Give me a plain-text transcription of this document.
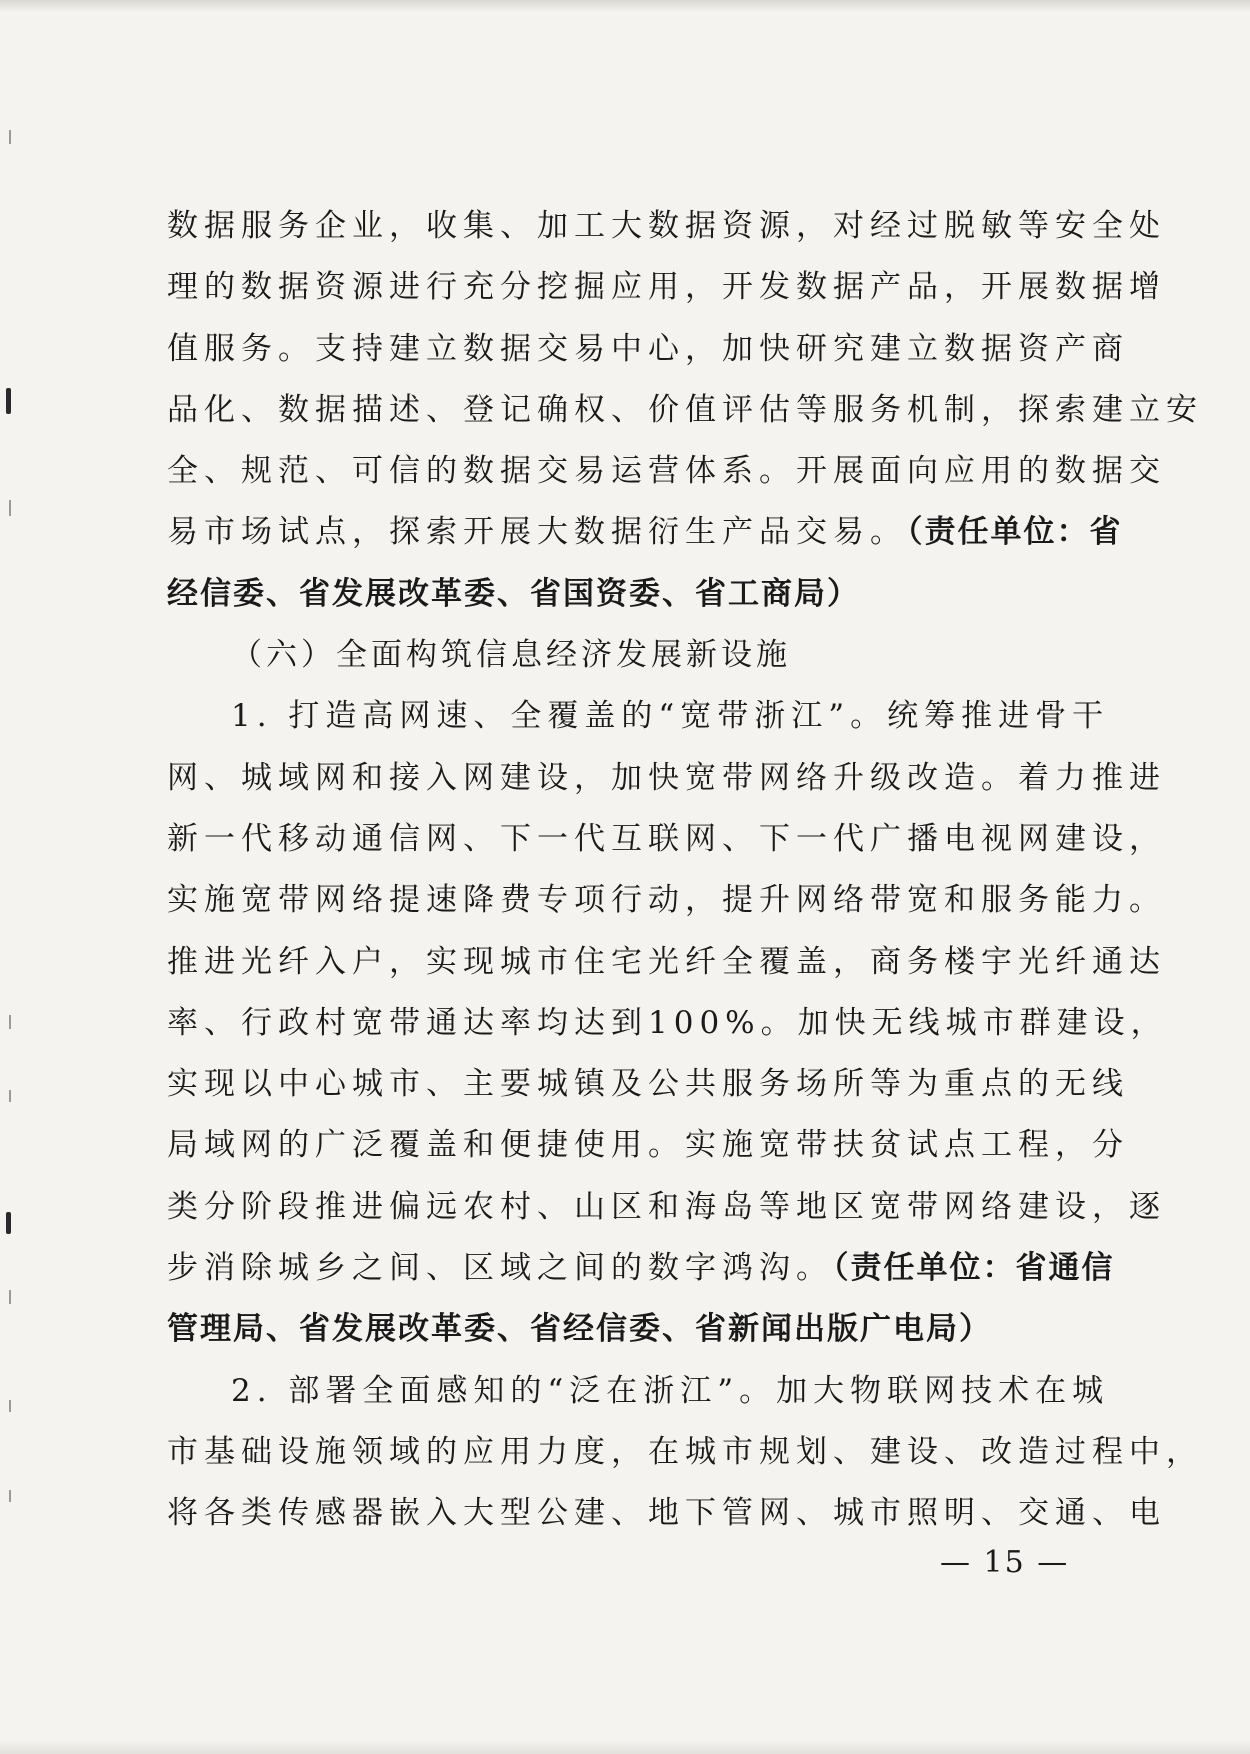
数据服务企业，收集、加工大数据资源，对经过脱敏等安全处
理的数据资源进行充分挖掘应用，开发数据产品，开展数据增
值服务。支持建立数据交易中心，加快研究建立数据资产商
品化、数据描述、登记确权、价值评估等服务机制，探索建立安
全、规范、可信的数据交易运营体系。开展面向应用的数据交
易市场试点，探索开展大数据衍生产品交易。（责任单位：省
经信委、省发展改革委、省国资委、省工商局）
（六）全面构筑信息经济发展新设施
1. 打造高网速、全覆盖的“宽带浙江”。统筹推进骨干
网、城域网和接入网建设，加快宽带网络升级改造。着力推进
新一代移动通信网、下一代互联网、下一代广播电视网建设，
实施宽带网络提速降费专项行动，提升网络带宽和服务能力。
推进光纤入户，实现城市住宅光纤全覆盖，商务楼宇光纤通达
率、行政村宽带通达率均达到100%。加快无线城市群建设，
实现以中心城市、主要城镇及公共服务场所等为重点的无线
局域网的广泛覆盖和便捷使用。实施宽带扶贫试点工程，分
类分阶段推进偏远农村、山区和海岛等地区宽带网络建设，逐
步消除城乡之间、区域之间的数字鸿沟。（责任单位：省通信
管理局、省发展改革委、省经信委、省新闻出版广电局）
2. 部署全面感知的“泛在浙江”。加大物联网技术在城
市基础设施领域的应用力度，在城市规划、建设、改造过程中，
将各类传感器嵌入大型公建、地下管网、城市照明、交通、电
— 15 —
